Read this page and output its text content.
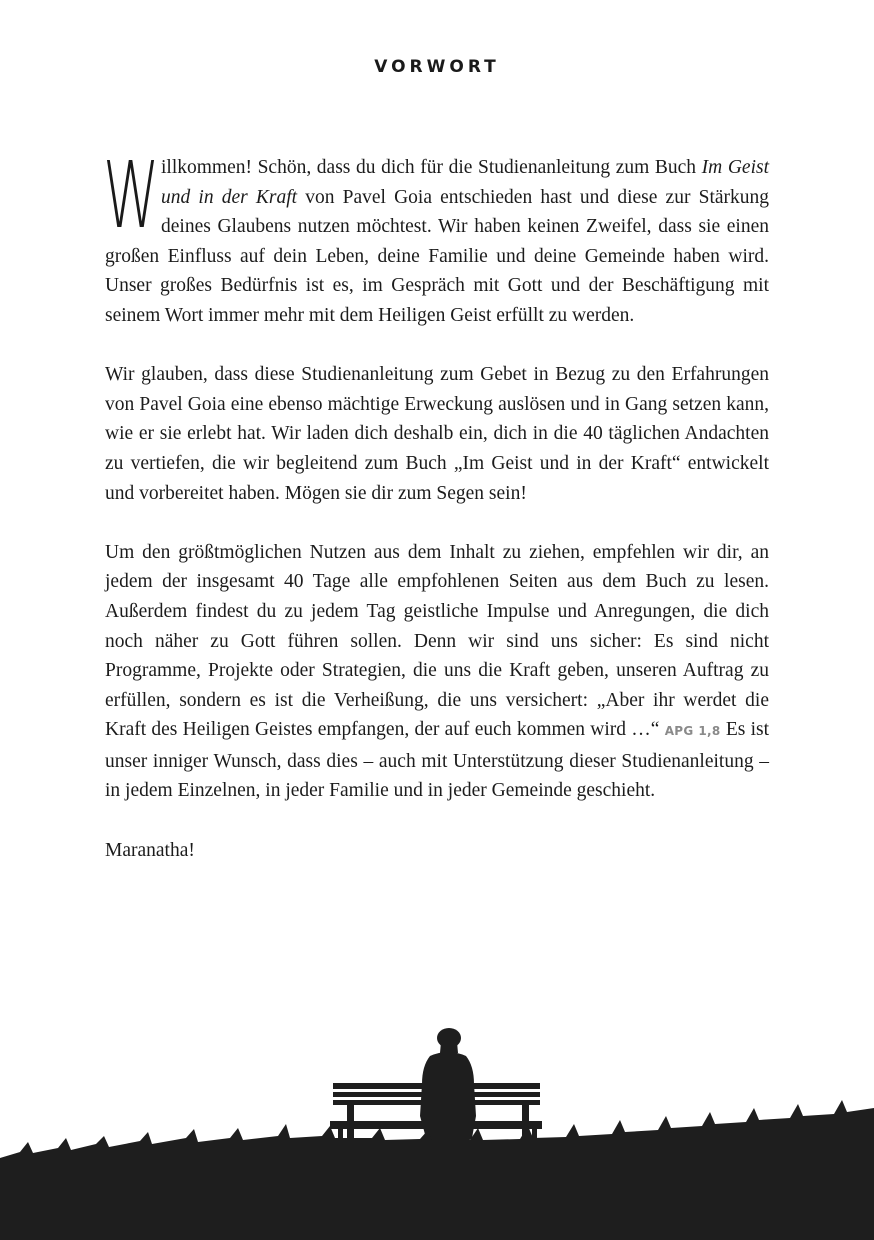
VORWORT

Willkommen! Schön, dass du dich für die Studienanleitung zum Buch Im Geist und in der Kraft von Pavel Goia entschieden hast und diese zur Stärkung deines Glaubens nutzen möchtest. Wir haben keinen Zweifel, dass sie einen großen Einfluss auf dein Leben, deine Familie und deine Gemeinde haben wird. Unser großes Bedürfnis ist es, im Gespräch mit Gott und der Beschäftigung mit seinem Wort immer mehr mit dem Heiligen Geist erfüllt zu werden.

Wir glauben, dass diese Studienanleitung zum Gebet in Bezug zu den Erfahrungen von Pavel Goia eine ebenso mächtige Erweckung auslösen und in Gang setzen kann, wie er sie erlebt hat. Wir laden dich deshalb ein, dich in die 40 täglichen Andachten zu vertiefen, die wir begleitend zum Buch „Im Geist und in der Kraft“ entwickelt und vorbereitet haben. Mögen sie dir zum Segen sein!

Um den größtmöglichen Nutzen aus dem Inhalt zu ziehen, empfehlen wir dir, an jedem der insgesamt 40 Tage alle empfohlenen Seiten aus dem Buch zu lesen. Außerdem findest du zu jedem Tag geistliche Impulse und Anregungen, die dich noch näher zu Gott führen sollen. Denn wir sind uns sicher: Es sind nicht Programme, Projekte oder Strategien, die uns die Kraft geben, unseren Auftrag zu erfüllen, sondern es ist die Verheißung, die uns versichert: „Aber ihr werdet die Kraft des Heiligen Geistes empfangen, der auf euch kommen wird …“ APG 1,8 Es ist unser inniger Wunsch, dass dies – auch mit Unterstützung dieser Studienanleitung – in jedem Einzelnen, in jeder Familie und in jeder Gemeinde geschieht.

Maranatha!
